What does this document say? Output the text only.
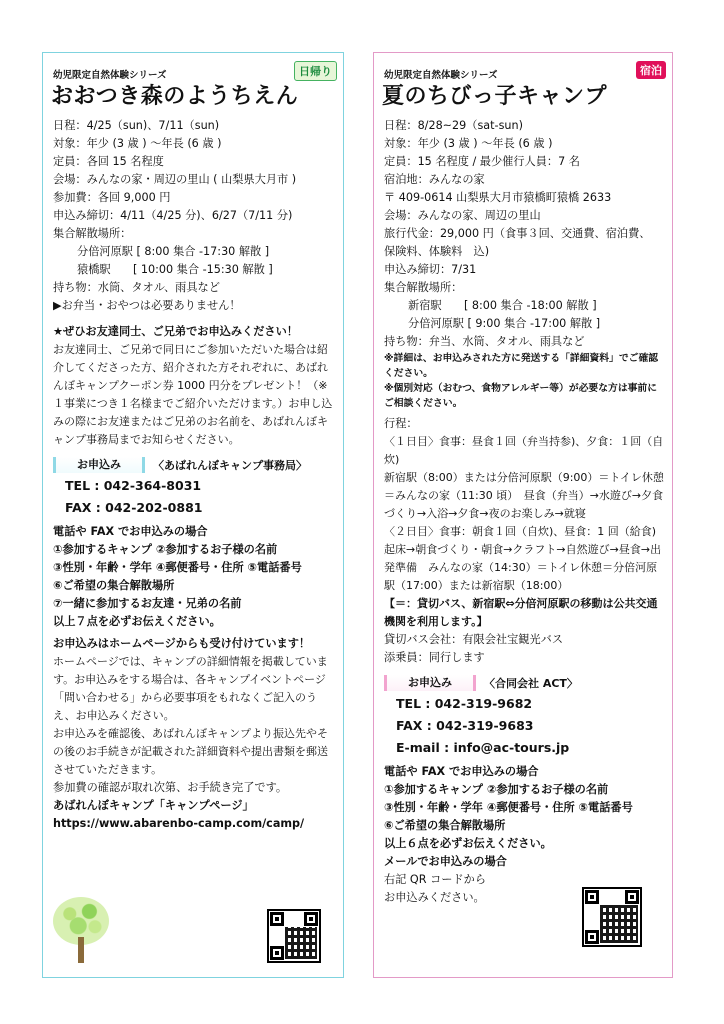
幼児限定自然体験シリーズ	日帰り
おおつき森のようちえん
日程：4/25（sun)、7/11（sun)
対象：年少 (3 歳 ) ～年長 (6 歳 )
定員：各回 15 名程度
会場：みんなの家・周辺の里山 ( 山梨県大月市 )
参加費：各回 9,000 円
申込み締切：4/11（4/25 分)、6/27（7/11 分)
集合解散場所：
分倍河原駅 [ 8:00 集合 -17:30 解散 ]
猿橋駅　　[ 10:00 集合 -15:30 解散 ]
持ち物：水筒、タオル、雨具など
▶お弁当・おやつは必要ありません！
★ぜひお友達同士、ご兄弟でお申込みください！
お友達同士、ご兄弟で同日にご参加いただいた場合は紹介してくださった方、紹介された方それぞれに、あばれんぼキャンプクーポン券 1000 円分をプレゼント！（※１事業につき１名様までご紹介いただけます。）お申し込みの際にお友達またはご兄弟のお名前を、あばれんぼキャンプ事務局までお知らせください。
お申込み	〈あばれんぼキャンプ事務局〉
TEL : 042-364-8031
FAX : 042-202-0881
電話や FAX でお申込みの場合
①参加するキャンプ ②参加するお子様の名前
③性別・年齢・学年 ④郵便番号・住所 ⑤電話番号
⑥ご希望の集合解散場所
⑦一緒に参加するお友達・兄弟の名前
以上７点を必ずお伝えください。
お申込みはホームページからも受け付けています！
ホームページでは、キャンプの詳細情報を掲載しています。お申込みをする場合は、各キャンプイベントページ「問い合わせる」から必要事項をもれなくご記入のうえ、お申込みください。
お申込みを確認後、あばれんぼキャンプより振込先やその後のお手続きが記載された詳細資料や提出書類を郵送させていただきます。
参加費の確認が取れ次第、お手続き完了です。
あばれんぼキャンプ「キャンプページ」
https://www.abarenbo-camp.com/camp/
幼児限定自然体験シリーズ	宿泊
夏のちびっ子キャンプ
日程：8/28~29（sat-sun)
対象：年少 (3 歳 ) ～年長 (6 歳 )
定員：15 名程度 / 最少催行人員：7 名
宿泊地：みんなの家
〒 409-0614 山梨県大月市猿橋町猿橋 2633
会場：みんなの家、周辺の里山
旅行代金：29,000 円（食事３回、交通費、宿泊費、
保険料、体験料　込)
申込み締切：7/31
集合解散場所：
新宿駅　　[ 8:00 集合 -18:00 解散 ]
分倍河原駅 [ 9:00 集合 -17:00 解散 ]
持ち物：弁当、水筒、タオル、雨具など
※詳細は、お申込みされた方に発送する「詳細資料」でご確認ください。
※個別対応（おむつ、食物アレルギー等）が必要な方は事前にご相談ください。
行程：
〈１日目〉食事：昼食１回（弁当持参)、夕食：１回（自炊)
新宿駅（8:00）または分倍河原駅（9:00）＝トイレ休憩＝みんなの家（11:30 頃）　昼食（弁当）→水遊び→夕食づくり→入浴→夕食→夜のお楽しみ→就寝
〈２日目〉食事：朝食１回（自炊)、昼食：1 回（給食)
起床→朝食づくり・朝食→クラフト→自然遊び→昼食→出発準備　みんなの家（14:30）＝トイレ休憩＝分倍河原駅（17:00）または新宿駅（18:00）
【＝：貸切バス、新宿駅⇔分倍河原駅の移動は公共交通機関を利用します。】
貸切バス会社：有限会社宝観光バス
添乗員：同行します
お申込み	〈合同会社 ACT〉
TEL : 042-319-9682
FAX : 042-319-9683
E-mail : info@ac-tours.jp
電話や FAX でお申込みの場合
①参加するキャンプ ②参加するお子様の名前
③性別・年齢・学年 ④郵便番号・住所 ⑤電話番号
⑥ご希望の集合解散場所
以上６点を必ずお伝えください。
メールでお申込みの場合
右記 QR コードから
お申込みください。
